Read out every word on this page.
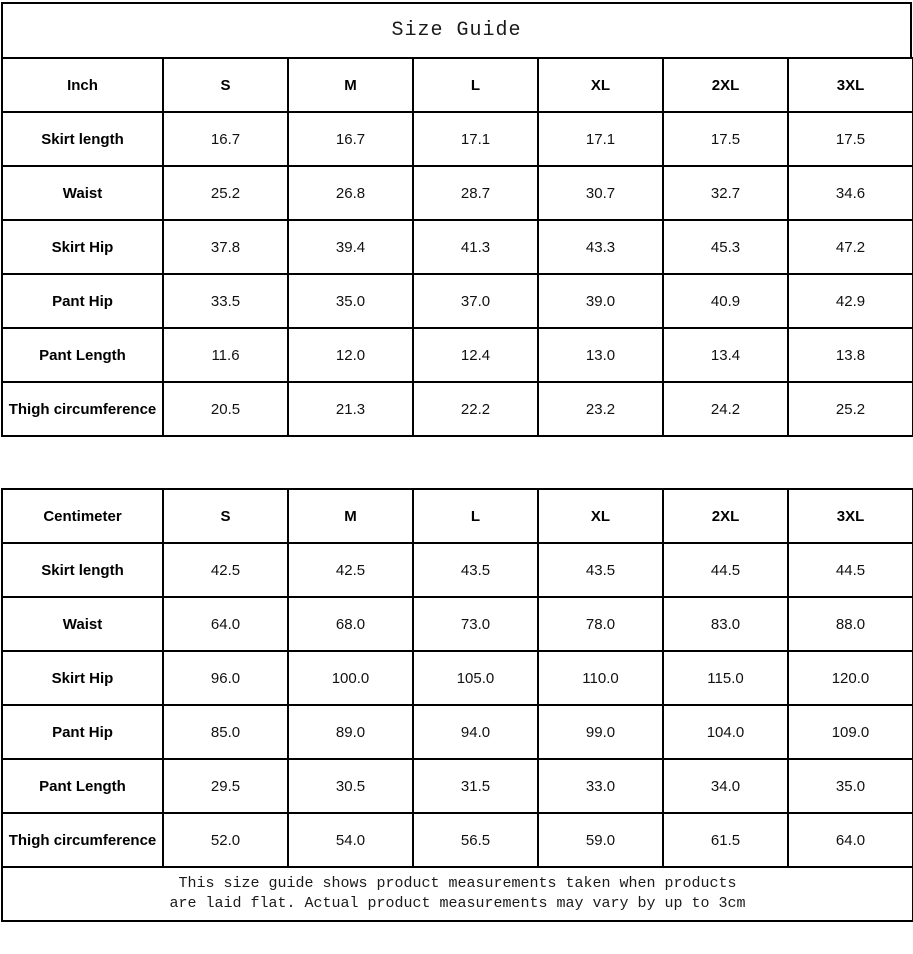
Size Guide
Inch	S	M	L	XL	2XL	3XL
Skirt length	16.7	16.7	17.1	17.1	17.5	17.5
Waist	25.2	26.8	28.7	30.7	32.7	34.6
Skirt Hip	37.8	39.4	41.3	43.3	45.3	47.2
Pant Hip	33.5	35.0	37.0	39.0	40.9	42.9
Pant Length	11.6	12.0	12.4	13.0	13.4	13.8
Thigh circumference	20.5	21.3	22.2	23.2	24.2	25.2
Centimeter	S	M	L	XL	2XL	3XL
Skirt length	42.5	42.5	43.5	43.5	44.5	44.5
Waist	64.0	68.0	73.0	78.0	83.0	88.0
Skirt Hip	96.0	100.0	105.0	110.0	115.0	120.0
Pant Hip	85.0	89.0	94.0	99.0	104.0	109.0
Pant Length	29.5	30.5	31.5	33.0	34.0	35.0
Thigh circumference	52.0	54.0	56.5	59.0	61.5	64.0

This size guide shows product measurements taken when products
are laid flat. Actual product measurements may vary by up to 3cm						
